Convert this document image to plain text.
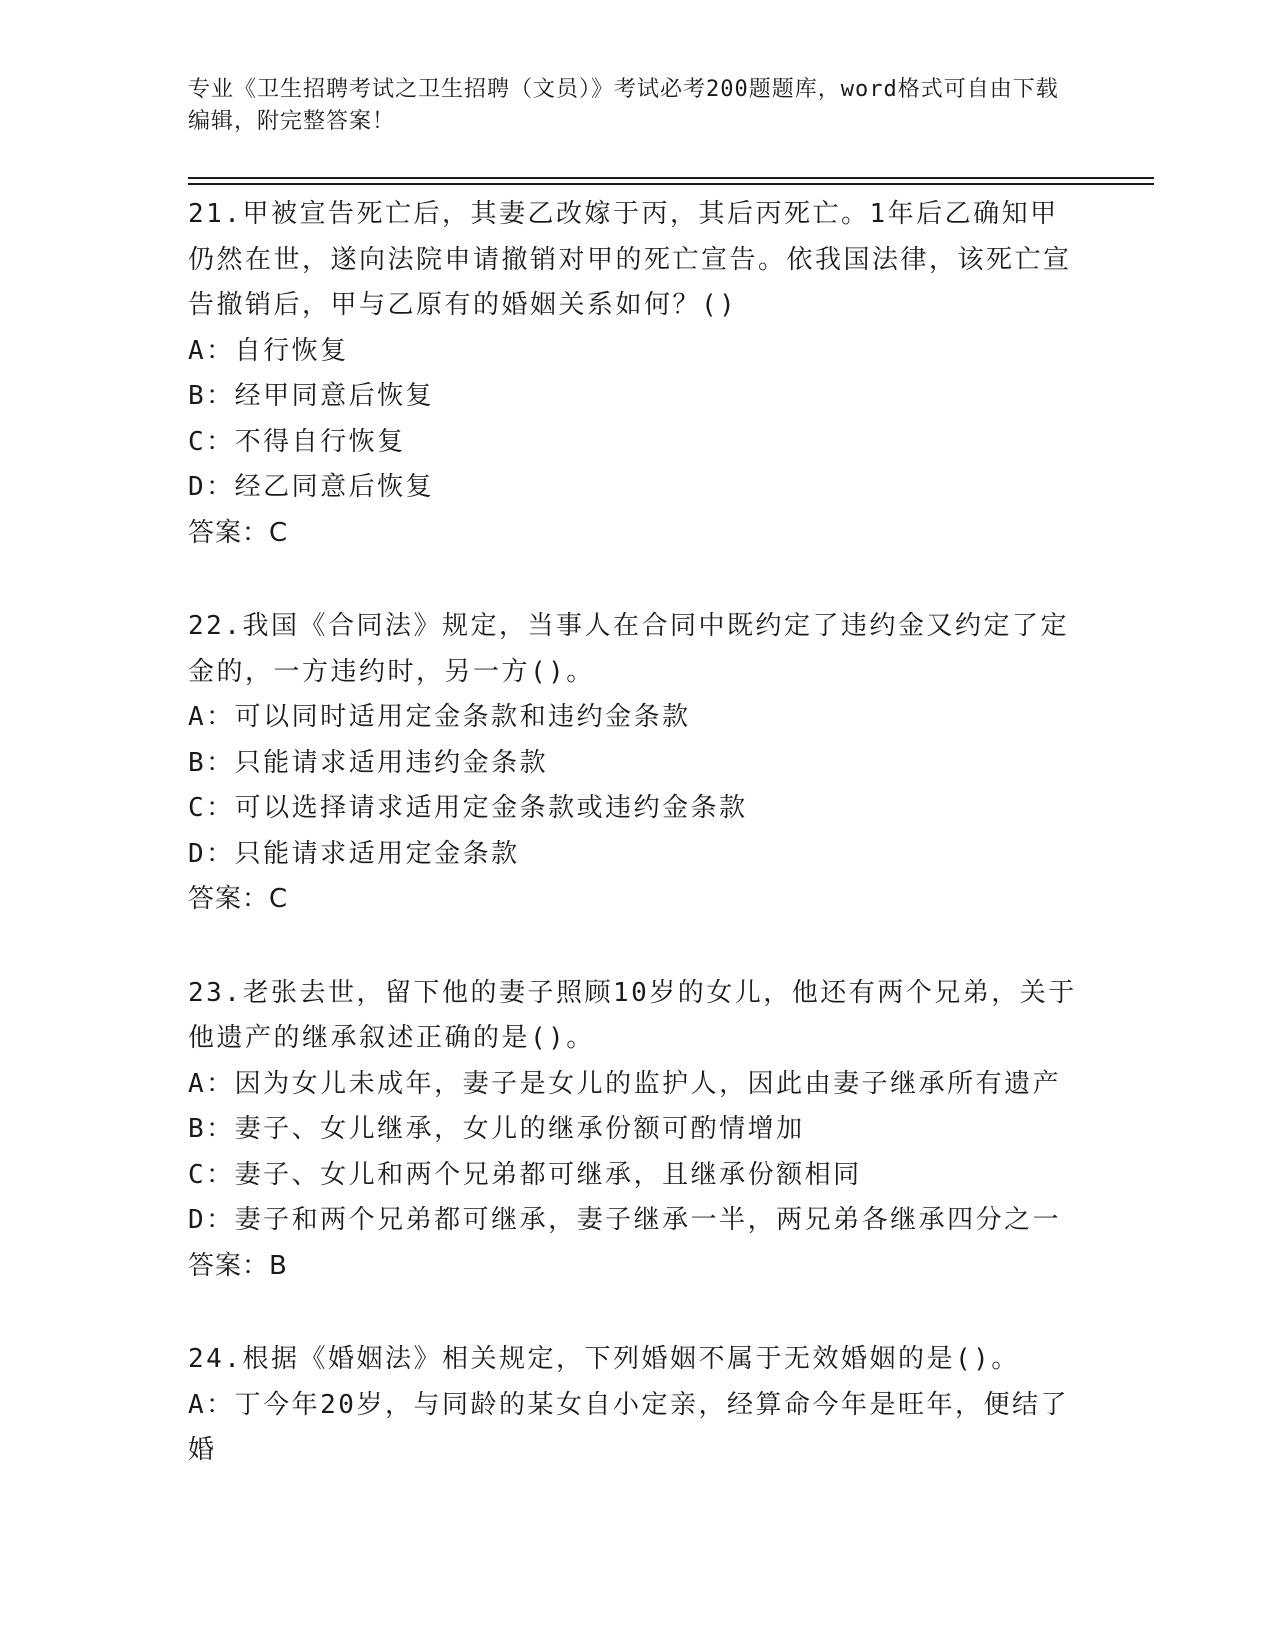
专业《卫生招聘考试之卫生招聘（文员）》考试必考200题题库，word格式可自由下载编辑，附完整答案！

21.甲被宣告死亡后，其妻乙改嫁于丙，其后丙死亡。1年后乙确知甲仍然在世，遂向法院申请撤销对甲的死亡宣告。依我国法律，该死亡宣告撤销后，甲与乙原有的婚姻关系如何？()

A：自行恢复

B：经甲同意后恢复

C：不得自行恢复

D：经乙同意后恢复

答案：C

22.我国《合同法》规定，当事人在合同中既约定了违约金又约定了定金的，一方违约时，另一方()。

A：可以同时适用定金条款和违约金条款

B：只能请求适用违约金条款

C：可以选择请求适用定金条款或违约金条款

D：只能请求适用定金条款

答案：C

23.老张去世，留下他的妻子照顾10岁的女儿，他还有两个兄弟，关于他遗产的继承叙述正确的是()。

A：因为女儿未成年，妻子是女儿的监护人，因此由妻子继承所有遗产

B：妻子、女儿继承，女儿的继承份额可酌情增加

C：妻子、女儿和两个兄弟都可继承，且继承份额相同

D：妻子和两个兄弟都可继承，妻子继承一半，两兄弟各继承四分之一

答案：B

24.根据《婚姻法》相关规定，下列婚姻不属于无效婚姻的是()。

A：丁今年20岁，与同龄的某女自小定亲，经算命今年是旺年，便结了婚
